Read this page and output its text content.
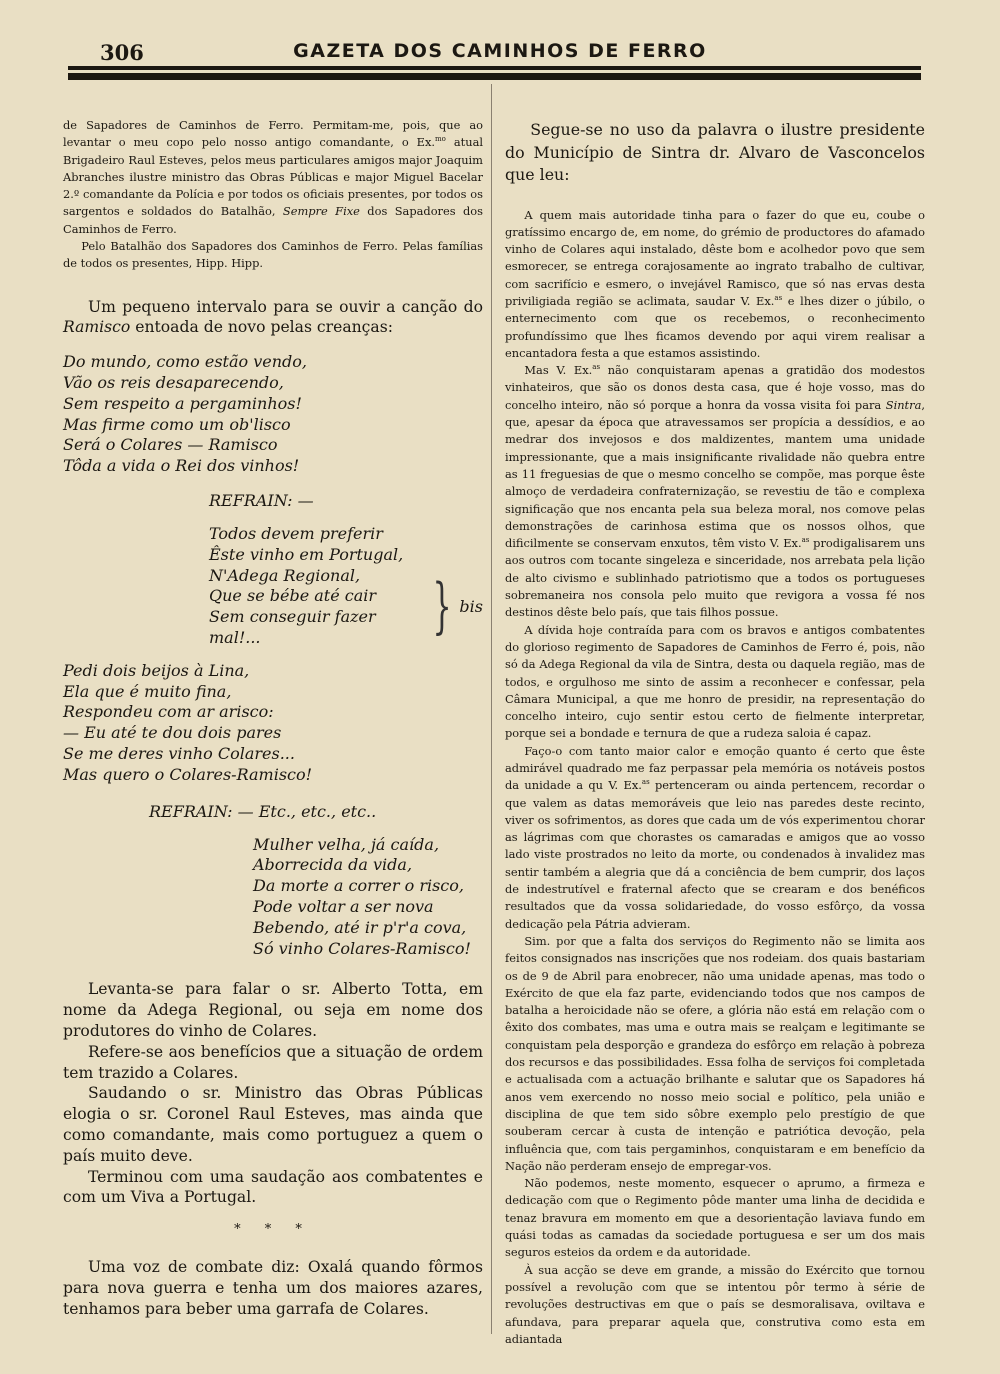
306	GAZETA DOS CAMINHOS DE FERRO

de Sapadores de Caminhos de Ferro. Permitam-me, pois, que ao levantar o meu copo pelo nosso antigo comandante, o Ex.$^{mo}$ atual Brigadeiro Raul Esteves, pelos meus particulares amigos major Joaquim Abranches ilustre ministro das Obras Públicas e major Miguel Bacelar 2.º comandante da Polícia e por todos os oficiais presentes, por todos os sargentos e soldados do Batalhão, Sempre Fixe dos Sapadores dos Caminhos de Ferro.

Pelo Batalhão dos Sapadores dos Caminhos de Ferro. Pelas famílias de todos os presentes, Hipp. Hipp.

Um pequeno intervalo para se ouvir a canção do Ramisco entoada de novo pelas creanças:

Do mundo, como estão vendo,
Vão os reis desaparecendo,
Sem respeito a pergaminhos!
Mas firme como um ob'lisco
Será o Colares — Ramisco
Tôda a vida o Rei dos vinhos!
REFRAIN: —
Todos devem preferir
Êste vinho em Portugal,
N'Adega Regional,
Que se bébe até cair
Sem conseguir fazer mal!...	} bis
Pedi dois beijos à Lina,
Ela que é muito fina,
Respondeu com ar arisco:
— Eu até te dou dois pares
Se me deres vinho Colares...
Mas quero o Colares-Ramisco!
REFRAIN: — Etc., etc., etc..
Mulher velha, já caída,
Aborrecida da vida,
Da morte a correr o risco,
Pode voltar a ser nova
Bebendo, até ir p'r'a cova,
Só vinho Colares-Ramisco!

Levanta-se para falar o sr. Alberto Totta, em nome da Adega Regional, ou seja em nome dos produtores do vinho de Colares.

Refere-se aos benefícios que a situação de ordem tem trazido a Colares.

Saudando o sr. Ministro das Obras Públicas elogia o sr. Coronel Raul Esteves, mas ainda que como comandante, mais como portuguez a quem o país muito deve.

Terminou com uma saudação aos combatentes e com um Viva a Portugal.

* * *

Uma voz de combate diz: Oxalá quando fôrmos para nova guerra e tenha um dos maiores azares, tenhamos para beber uma garrafa de Colares.

Segue-se no uso da palavra o ilustre presidente do Município de Sintra dr. Alvaro de Vasconcelos que leu:

A quem mais autoridade tinha para o fazer do que eu, coube o gratíssimo encargo de, em nome, do grémio de productores do afamado vinho de Colares aqui instalado, dêste bom e acolhedor povo que sem esmorecer, se entrega corajosamente ao ingrato trabalho de cultivar, com sacrifício e esmero, o invejável Ramisco, que só nas ervas desta priviligiada região se aclimata, saudar V. Ex.$^{as}$ e lhes dizer o júbilo, o enternecimento com que os recebemos, o reconhecimento profundíssimo que lhes ficamos devendo por aqui virem realisar a encantadora festa a que estamos assistindo.

Mas V. Ex.$^{as}$ não conquistaram apenas a gratidão dos modestos vinhateiros, que são os donos desta casa, que é hoje vosso, mas do concelho inteiro, não só porque a honra da vossa visita foi para Sintra, que, apesar da época que atravessamos ser propícia a dessídios, e ao medrar dos invejosos e dos maldizentes, mantem uma unidade impressionante, que a mais insignificante rivalidade não quebra entre as 11 freguesias de que o mesmo concelho se compõe, mas porque êste almoço de verdadeira confraternização, se revestiu de tão e complexa significação que nos encanta pela sua beleza moral, nos comove pelas demonstrações de carinhosa estima que os nossos olhos, que dificilmente se conservam enxutos, têm visto V. Ex.$^{as}$ prodigalisarem uns aos outros com tocante singeleza e sinceridade, nos arrebata pela lição de alto civismo e sublinhado patriotismo que a todos os portugueses sobremaneira nos consola pelo muito que revigora a vossa fé nos destinos dêste belo país, que tais filhos possue.

A dívida hoje contraída para com os bravos e antigos combatentes do glorioso regimento de Sapadores de Caminhos de Ferro é, pois, não só da Adega Regional da vila de Sintra, desta ou daquela região, mas de todos, e orgulhoso me sinto de assim a reconhecer e confessar, pela Câmara Municipal, a que me honro de presidir, na representação do concelho inteiro, cujo sentir estou certo de fielmente interpretar, porque sei a bondade e ternura de que a rudeza saloia é capaz.

Faço-o com tanto maior calor e emoção quanto é certo que êste admirável quadrado me faz perpassar pela memória os notáveis postos da unidade a qu V. Ex.$^{as}$ pertenceram ou ainda pertencem, recordar o que valem as datas memoráveis que leio nas paredes deste recinto, viver os sofrimentos, as dores que cada um de vós experimentou chorar as lágrimas com que chorastes os camaradas e amigos que ao vosso lado viste prostrados no leito da morte, ou condenados à invalidez mas sentir também a alegria que dá a conciência de bem cumprir, dos laços de indestrutível e fraternal afecto que se crearam e dos benéficos resultados que da vossa solidariedade, do vosso esfôrço, da vossa dedicação pela Pátria advieram.

Sim. por que a falta dos serviços do Regimento não se limita aos feitos consignados nas inscrições que nos rodeiam. dos quais bastariam os de 9 de Abril para enobrecer, não uma unidade apenas, mas todo o Exército de que ela faz parte, evidenciando todos que nos campos de batalha a heroicidade não se ofere, a glória não está em relação com o êxito dos combates, mas uma e outra mais se realçam e legitimante se conquistam pela desporção e grandeza do esfôrço em relação à pobreza dos recursos e das possibilidades. Essa folha de serviços foi completada e actualisada com a actuação brilhante e salutar que os Sapadores há anos vem exercendo no nosso meio social e político, pela união e disciplina de que tem sido sôbre exemplo pelo prestígio de que souberam cercar à custa de intenção e patriótica devoção, pela influência que, com tais pergaminhos, conquistaram e em benefício da Nação não perderam ensejo de empregar-vos.

Não podemos, neste momento, esquecer o aprumo, a firmeza e dedicação com que o Regimento pôde manter uma linha de decidida e tenaz bravura em momento em que a desorientação laviava fundo em quási todas as camadas da sociedade portuguesa e ser um dos mais seguros esteios da ordem e da autoridade.

À sua acção se deve em grande, a missão do Exército que tornou possível a revolução com que se intentou pôr termo à série de revoluções destructivas em que o país se desmoralisava, oviltava e afundava, para preparar aquela que, construtiva como esta em adiantada
